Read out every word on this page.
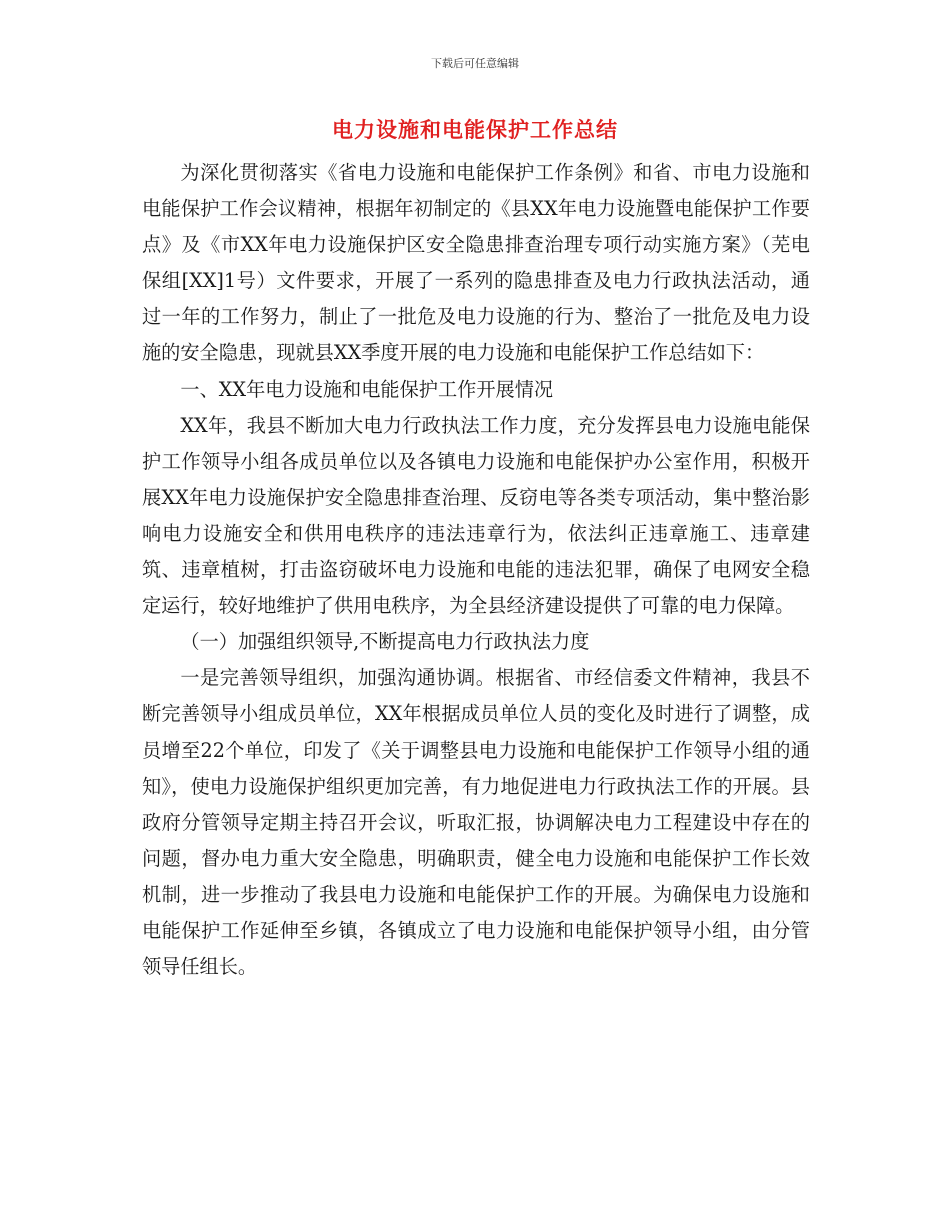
下载后可任意编辑
电力设施和电能保护工作总结

为深化贯彻落实《省电力设施和电能保护工作条例》和省、市电力设施和电能保护工作会议精神，根据年初制定的《县XX年电力设施暨电能保护工作要点》及《市XX年电力设施保护区安全隐患排查治理专项行动实施方案》（芜电保组[XX]1号）文件要求，开展了一系列的隐患排查及电力行政执法活动，通过一年的工作努力，制止了一批危及电力设施的行为、整治了一批危及电力设施的安全隐患，现就县XX季度开展的电力设施和电能保护工作总结如下：

一、XX年电力设施和电能保护工作开展情况

XX年，我县不断加大电力行政执法工作力度，充分发挥县电力设施电能保护工作领导小组各成员单位以及各镇电力设施和电能保护办公室作用，积极开展XX年电力设施保护安全隐患排查治理、反窃电等各类专项活动，集中整治影响电力设施安全和供用电秩序的违法违章行为，依法纠正违章施工、违章建筑、违章植树，打击盗窃破坏电力设施和电能的违法犯罪，确保了电网安全稳定运行，较好地维护了供用电秩序，为全县经济建设提供了可靠的电力保障。

（一）加强组织领导,不断提高电力行政执法力度

一是完善领导组织，加强沟通协调。根据省、市经信委文件精神，我县不断完善领导小组成员单位，XX年根据成员单位人员的变化及时进行了调整，成员增至22个单位，印发了《关于调整县电力设施和电能保护工作领导小组的通知》，使电力设施保护组织更加完善，有力地促进电力行政执法工作的开展。县政府分管领导定期主持召开会议，听取汇报，协调解决电力工程建设中存在的问题，督办电力重大安全隐患，明确职责，健全电力设施和电能保护工作长效机制，进一步推动了我县电力设施和电能保护工作的开展。为确保电力设施和电能保护工作延伸至乡镇，各镇成立了电力设施和电能保护领导小组，由分管领导任组长。
